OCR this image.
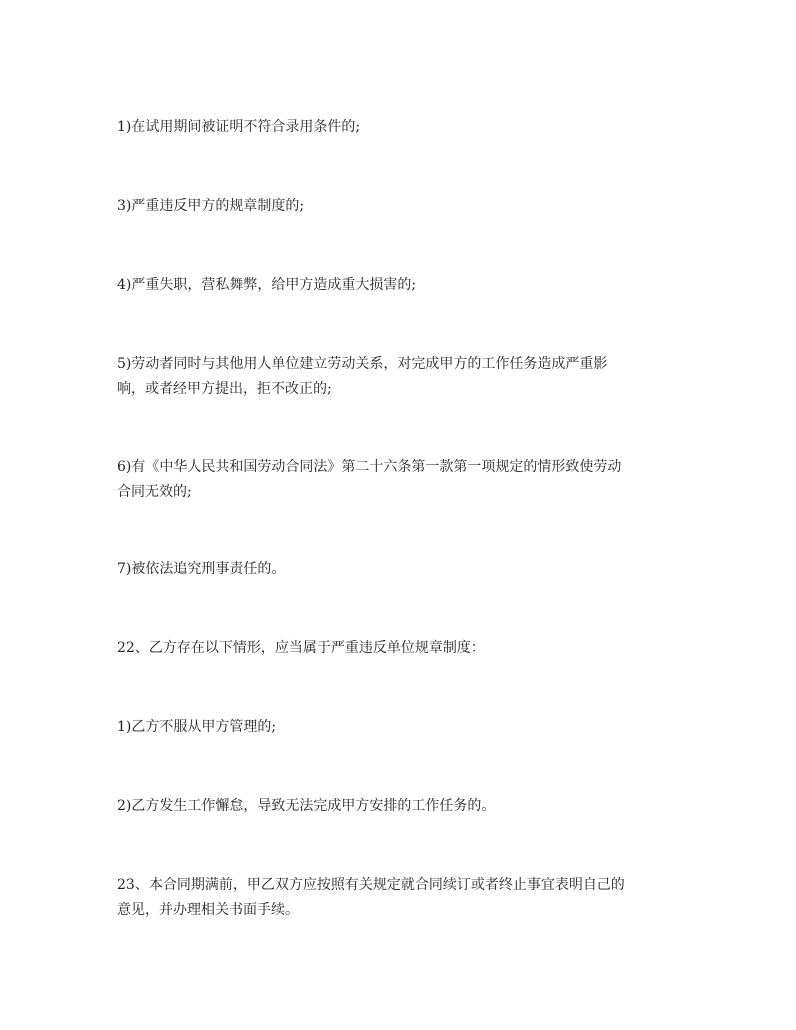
1)在试用期间被证明不符合录用条件的;

3)严重违反甲方的规章制度的;

4)严重失职，营私舞弊，给甲方造成重大损害的;

5)劳动者同时与其他用人单位建立劳动关系，对完成甲方的工作任务造成严重影
响，或者经甲方提出，拒不改正的;

6)有《中华人民共和国劳动合同法》第二十六条第一款第一项规定的情形致使劳动
合同无效的;

7)被依法追究刑事责任的。

22、乙方存在以下情形，应当属于严重违反单位规章制度：

1)乙方不服从甲方管理的;

2)乙方发生工作懈怠，导致无法完成甲方安排的工作任务的。

23、本合同期满前，甲乙双方应按照有关规定就合同续订或者终止事宜表明自己的
意见，并办理相关书面手续。
